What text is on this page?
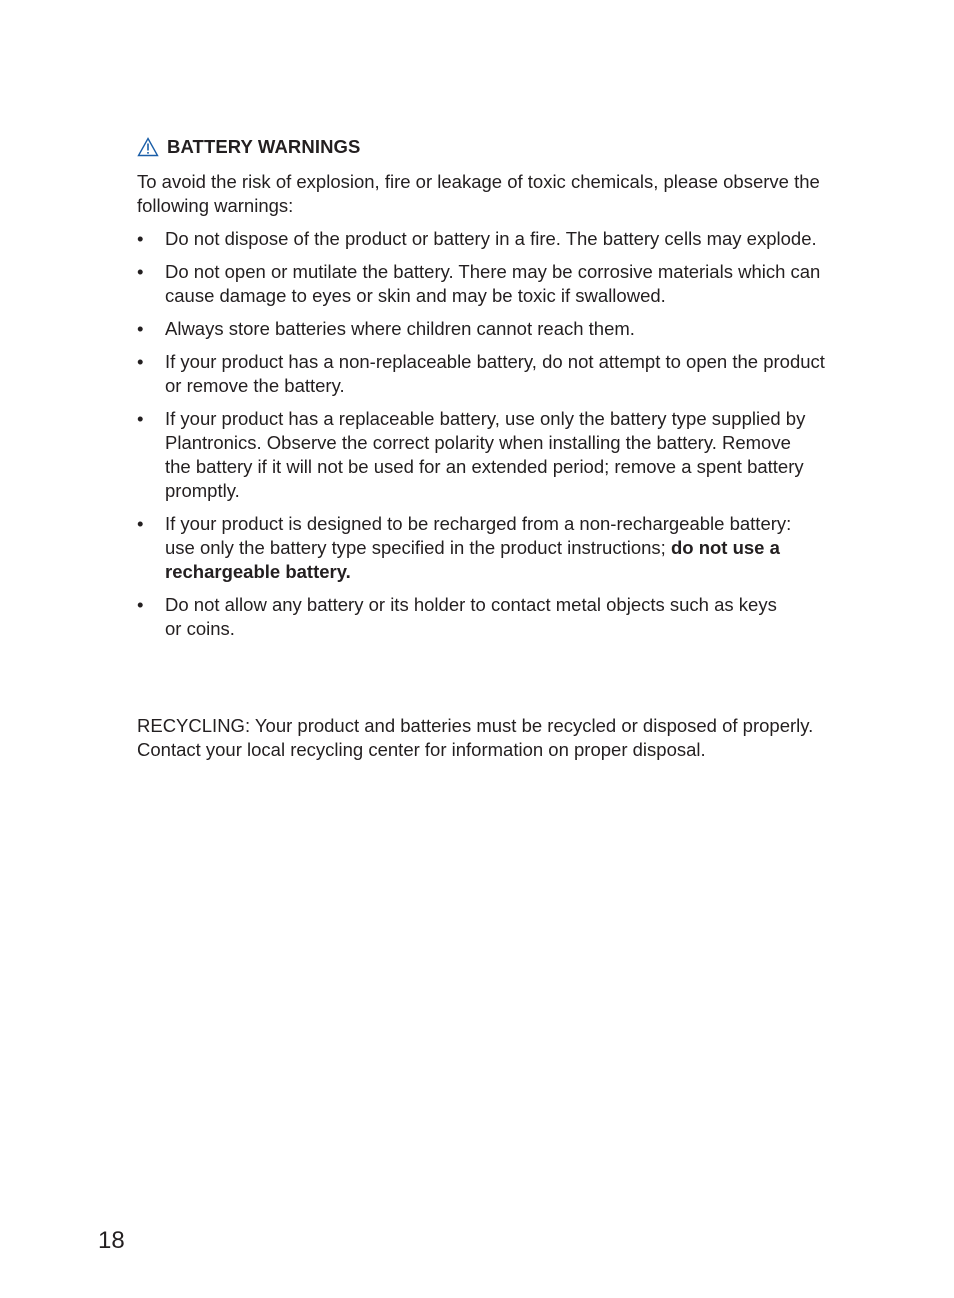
BATTERY WARNINGS

To avoid the risk of explosion, fire or leakage of toxic chemicals, please observe the
following warnings:

• Do not dispose of the product or battery in a fire. The battery cells may explode.
• Do not open or mutilate the battery. There may be corrosive materials which can
cause damage to eyes or skin and may be toxic if swallowed.
• Always store batteries where children cannot reach them.
• If your product has a non-replaceable battery, do not attempt to open the product
or remove the battery.
• If your product has a replaceable battery, use only the battery type supplied by
Plantronics. Observe the correct polarity when installing the battery. Remove
the battery if it will not be used for an extended period; remove a spent battery
promptly.
• If your product is designed to be recharged from a non-rechargeable battery:
use only the battery type specified in the product instructions; do not use a
rechargeable battery.
• Do not allow any battery or its holder to contact metal objects such as keys
or coins.

RECYCLING: Your product and batteries must be recycled or disposed of properly.
Contact your local recycling center for information on proper disposal.

18
